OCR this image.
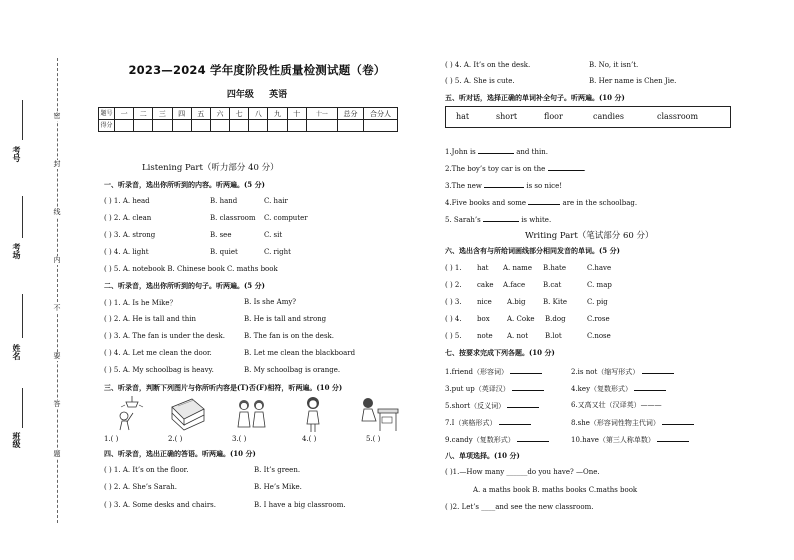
密
封
线
内
不
要
答
题
考号
考场
姓名
班级
2023—2024 学年度阶段性质量检测试题（卷）
四年级 英语
题号	一	二	三	四	五	六	七	八	九	十	十一	总分	合分人
得分													
Listening Part（听力部分 40 分）
一、听录音，选出你所听到的内容。听两遍。(5 分)
( ) 1. A. head	B. hand	C. hair
( ) 2. A. clean	B. classroom C. computer
( ) 3. A. strong	B. see	C. sit
( ) 4. A. light	B. quiet	C. right
( ) 5. A. notebook B. Chinese book C. maths book
二、听录音，选出你所听到的句子。听两遍。(5 分)
( ) 1. A. Is he Mike？	B. Is she Amy?
( ) 2. A. He is tall and thin	B. He is tall and strong
( ) 3. A. The fan is under the desk.	B. The fan is on the desk.
( ) 4. A. Let me clean the door.	B. Let me clean the blackboard
( ) 5. A. My schoolbag is heavy.	B. My schoolbag is orange.
三、听录音，判断下列图片与你所听内容是(T)否(F)相符，听两遍。(10 分)
1.( )	2.( )	3.( )	4.( )	5.( )
四、听录音，选出正确的答语。听两遍。(10 分)
( ) 1. A. It’s on the floor.	B. It’s green.
( ) 2. A. She’s Sarah.	B. He’s Mike.
( ) 3. A. Some desks and chairs.	B. I have a big classroom.
( ) 4. A. It’s on the desk.	B. No, it isn’t.
( ) 5. A. She is cute.	B. Her name is Chen Jie.
五、听对话，选择正确的单词补全句子。听两遍。(10 分)
hat	short	floor	candies	classroom
1.John is	and thin.
2.The boy’s toy car is on the	.
3.The new	is so nice!
4.Five books and some	are in the schoolbag.
5. Sarah’s	is white.
Writing Part（笔试部分 60 分）
六、选出含有与所给词画线部分相同发音的单词。(5 分)
( ) 1. hat A. name B.hate	C.have
( ) 2. cake A.face	B.cat	C. map
( ) 3. nice A.big	B. Kite	C. pig
( ) 4. box A. Coke B.dog	C.rose
( ) 5. note A. not B.lot	C.nose
七、按要求完成下列各题。(10 分)
1.friend（形容词）	2.is not（缩写形式）
3.put up（英译汉）	4.key（复数形式）
5.short（反义词）	6.又高又壮（汉译英）———
7.I（宾格形式）	8.she（形容词性物主代词）
9.candy（复数形式）	10.have（第三人称单数）
八、单项选择。(10 分)
( )1.—How many ______do you have? —One.
A. a maths book B. maths books C.maths book
( )2. Let’s ____and see the new classroom.
